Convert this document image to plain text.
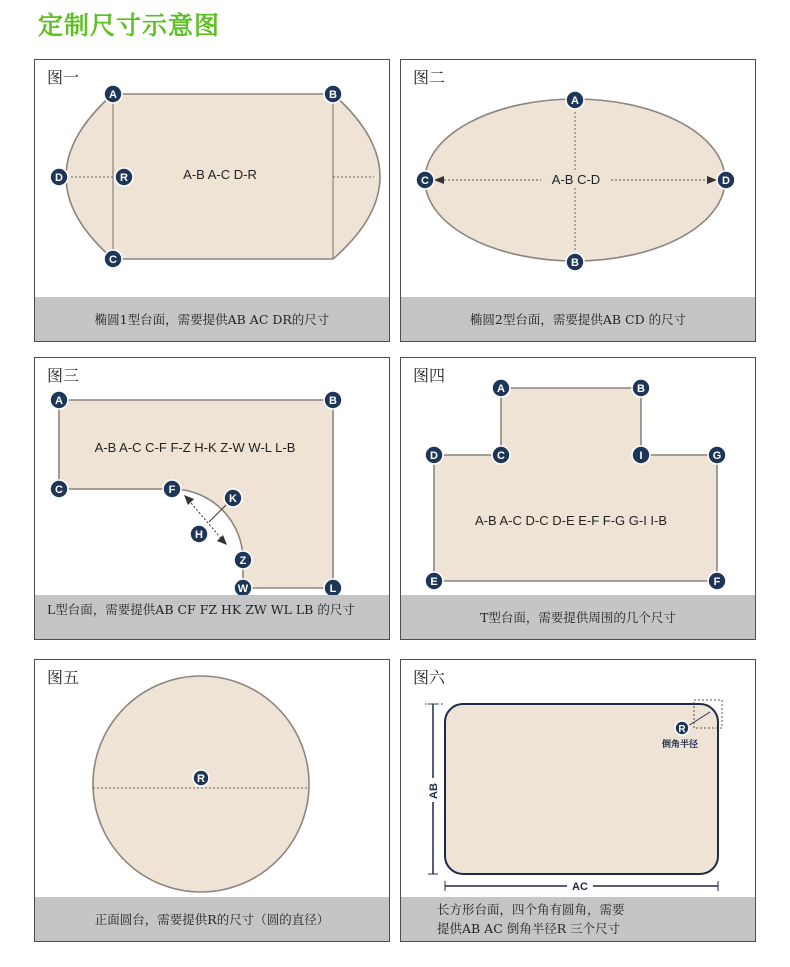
定制尺寸示意图
A-B A-C D-R
A	B
C
D	R
图一
椭圆1型台面，需要提供AB AC DR的尺寸
A-B C-D
A
B
C	D
图二
椭圆2型台面，需要提供AB CD 的尺寸
A-B A-C C-F F-Z H-K Z-W W-L L-B
A	B
C	F
K
H
Z
W	L
图三
L型台面，需要提供AB CF FZ HK ZW WL LB 的尺寸
A-B A-C D-C D-E E-F F-G G-I I-B
A	B
C
D	I	G
E	F
图四
T型台面，需要提供周围的几个尺寸
R
图五
正面圆台，需要提供R的尺寸（圆的直径）
R
倒角半径
AB
AC
图六
长方形台面，四个角有圆角，需要
提供AB AC 倒角半径R 三个尺寸
